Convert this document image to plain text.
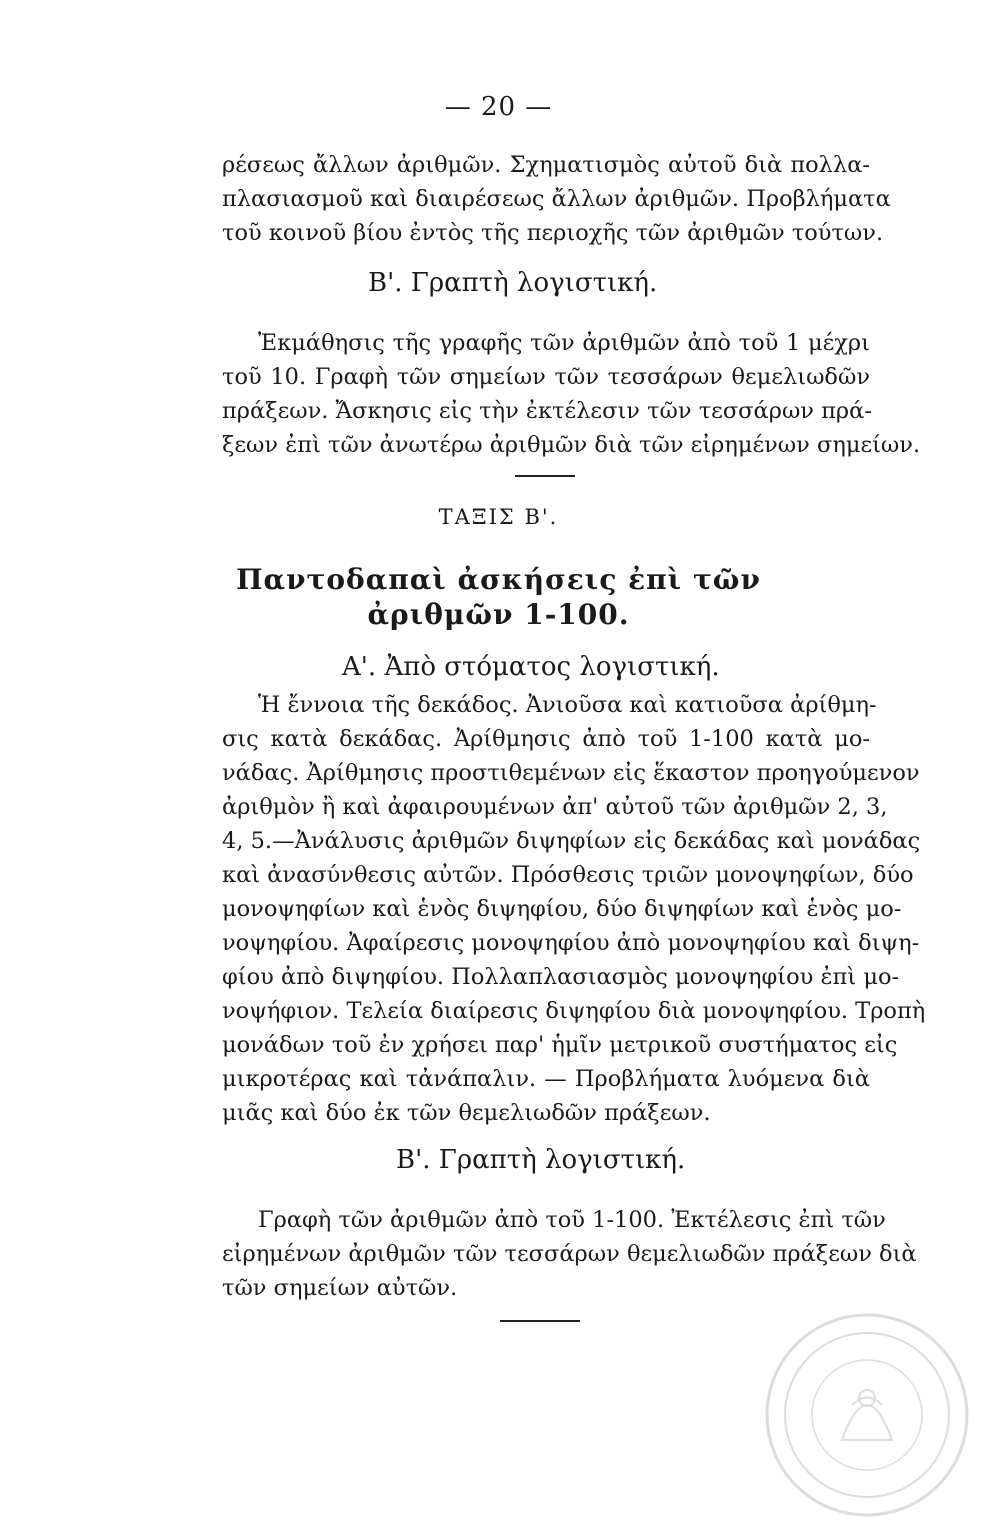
— 20 —
ρέσεως ἄλλων ἀριθμῶν. Σχηματισμὸς αὐτοῦ διὰ πολλα-
πλασιασμοῦ καὶ διαιρέσεως ἄλλων ἀριθμῶν. Προβλήματα
τοῦ κοινοῦ βίου ἐντὸς τῆς περιοχῆς τῶν ἀριθμῶν τούτων.
Β'. Γραπτὴ λογιστική.
Ἐκμάθησις τῆς γραφῆς τῶν ἀριθμῶν ἀπὸ τοῦ 1 μέχρι
τοῦ 10. Γραφὴ τῶν σημείων τῶν τεσσάρων θεμελιωδῶν
πράξεων. Ἄσκησις εἰς τὴν ἐκτέλεσιν τῶν τεσσάρων πρά-
ξεων ἐπὶ τῶν ἀνωτέρω ἀριθμῶν διὰ τῶν εἰρημένων σημείων.
ΤΑΞΙΣ Β'.
Παντοδαπαὶ ἀσκήσεις ἐπὶ τῶν
ἀριθμῶν 1-100.
Α'. Ἀπὸ στόματος λογιστική.
Ἡ ἔννοια τῆς δεκάδος. Ἀνιοῦσα καὶ κατιοῦσα ἀρίθμη-
σις κατὰ δεκάδας. Ἀρίθμησις ἀπὸ τοῦ 1-100 κατὰ μο-
νάδας. Ἀρίθμησις προστιθεμένων εἰς ἕκαστον προηγούμενον
ἀριθμὸν ἢ καὶ ἀφαιρουμένων ἀπ' αὐτοῦ τῶν ἀριθμῶν 2, 3,
4, 5.—Ἀνάλυσις ἀριθμῶν διψηφίων εἰς δεκάδας καὶ μονάδας
καὶ ἀνασύνθεσις αὐτῶν. Πρόσθεσις τριῶν μονοψηφίων, δύο
μονοψηφίων καὶ ἑνὸς διψηφίου, δύο διψηφίων καὶ ἑνὸς μο-
νοψηφίου. Ἀφαίρεσις μονοψηφίου ἀπὸ μονοψηφίου καὶ διψη-
φίου ἀπὸ διψηφίου. Πολλαπλασιασμὸς μονοψηφίου ἐπὶ μο-
νοψήφιον. Τελεία διαίρεσις διψηφίου διὰ μονοψηφίου. Τροπὴ
μονάδων τοῦ ἐν χρήσει παρ' ἡμῖν μετρικοῦ συστήματος εἰς
μικροτέρας καὶ τἀνάπαλιν. — Προβλήματα λυόμενα διὰ
μιᾶς καὶ δύο ἐκ τῶν θεμελιωδῶν πράξεων.
Β'. Γραπτὴ λογιστική.
Γραφὴ τῶν ἀριθμῶν ἀπὸ τοῦ 1-100. Ἐκτέλεσις ἐπὶ τῶν
εἰρημένων ἀριθμῶν τῶν τεσσάρων θεμελιωδῶν πράξεων διὰ
τῶν σημείων αὐτῶν.
